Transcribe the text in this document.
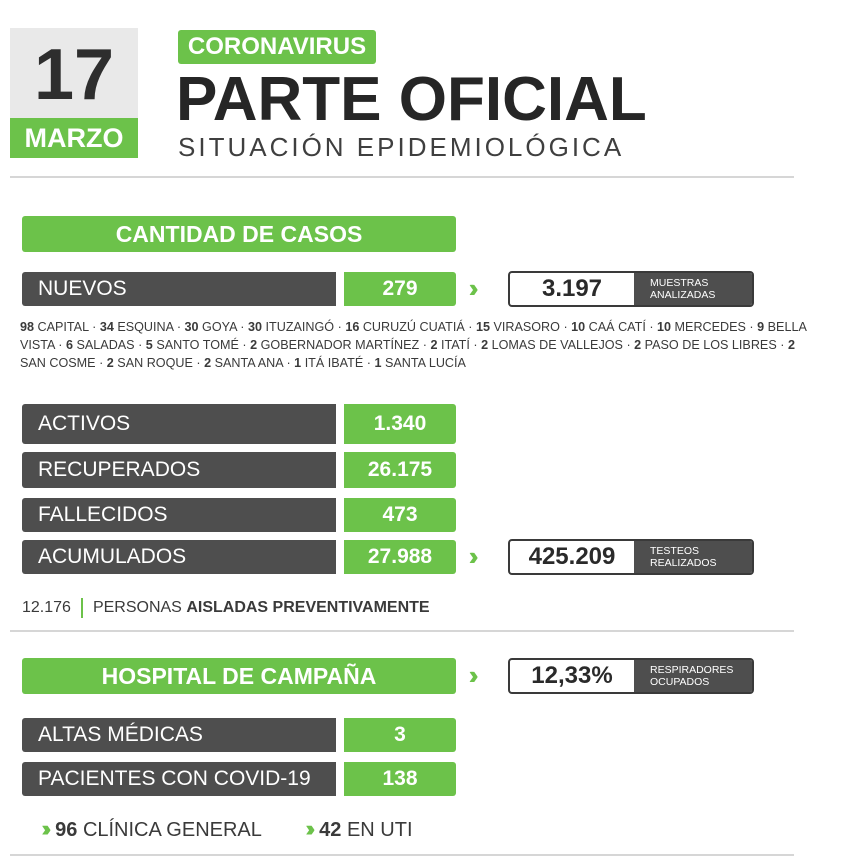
17
MARZO
CORONAVIRUS
PARTE OFICIAL
SITUACIÓN EPIDEMIOLÓGICA
CANTIDAD DE CASOS
NUEVOS	279	3.197	MUESTRAS
ANALIZADAS
98 CAPITAL · 34 ESQUINA · 30 GOYA · 30 ITUZAINGÓ · 16 CURUZÚ CUATIÁ · 15 VIRASORO · 10 CAÁ CATÍ · 10 MERCEDES · 9 BELLA VISTA · 6 SALADAS · 5 SANTO TOMÉ · 2 GOBERNADOR MARTÍNEZ · 2 ITATÍ · 2 LOMAS DE VALLEJOS · 2 PASO DE LOS LIBRES · 2 SAN COSME · 2 SAN ROQUE · 2 SANTA ANA · 1 ITÁ IBATÉ · 1 SANTA LUCÍA
ACTIVOS	1.340
RECUPERADOS	26.175
FALLECIDOS	473
ACUMULADOS	27.988	425.209	TESTEOS
REALIZADOS
12.176 PERSONAS AISLADAS PREVENTIVAMENTE
HOSPITAL DE CAMPAÑA	12,33%	RESPIRADORES
OCUPADOS
ALTAS MÉDICAS	3
PACIENTES CON COVID-19	138
96 CLÍNICA GENERAL	42 EN UTI
